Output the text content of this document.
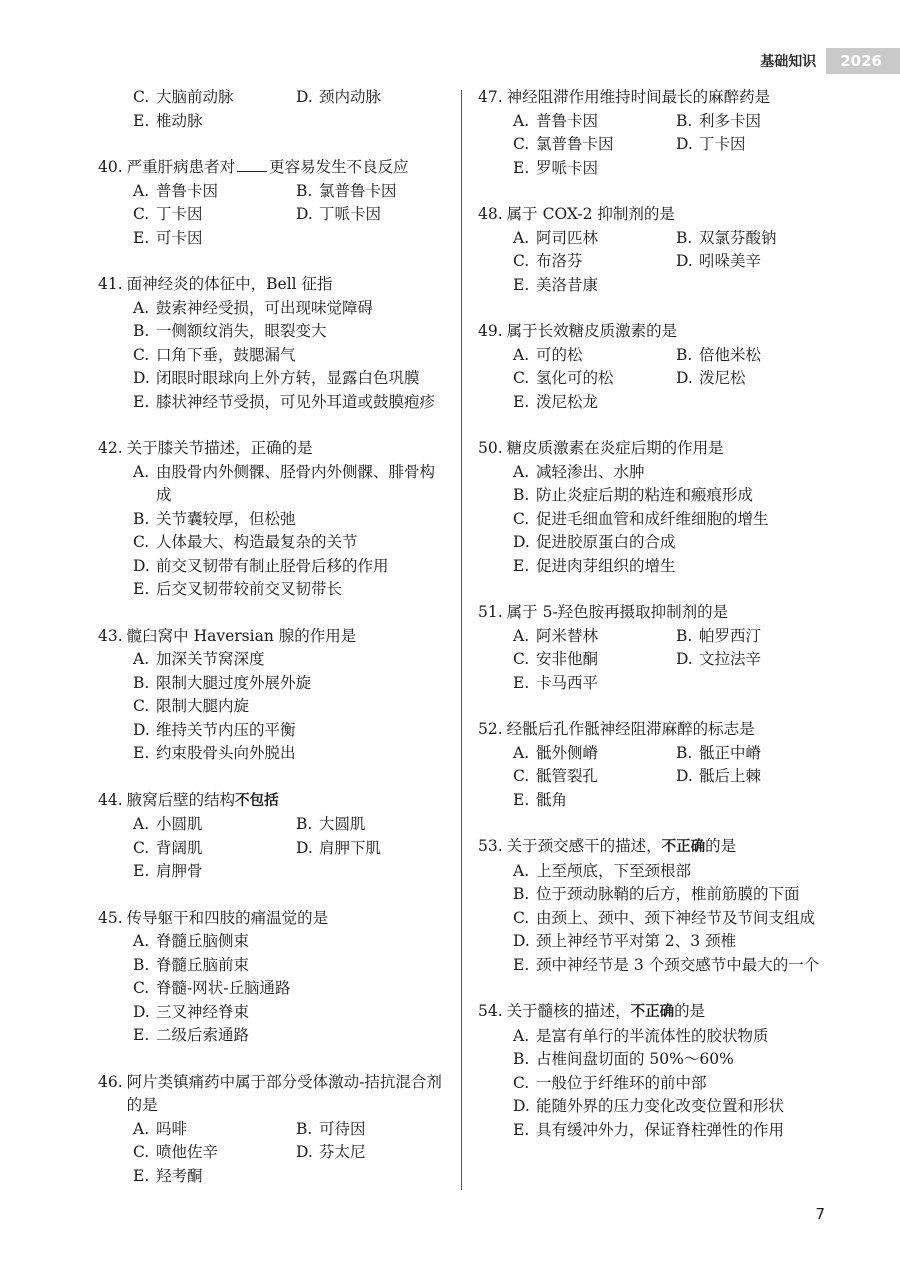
基础知识	2026
C. 大脑前动脉	D. 颈内动脉
E. 椎动脉
40. 严重肝病患者对 更容易发生不良反应
A. 普鲁卡因	B. 氯普鲁卡因
C. 丁卡因	D. 丁哌卡因
E. 可卡因
41. 面神经炎的体征中，Bell 征指
A. 鼓索神经受损，可出现味觉障碍
B. 一侧额纹消失，眼裂变大
C. 口角下垂，鼓腮漏气
D. 闭眼时眼球向上外方转，显露白色巩膜
E. 膝状神经节受损，可见外耳道或鼓膜疱疹
42. 关于膝关节描述，正确的是
A. 由股骨内外侧髁、胫骨内外侧髁、腓骨构成
B. 关节囊较厚，但松弛
C. 人体最大、构造最复杂的关节
D. 前交叉韧带有制止胫骨后移的作用
E. 后交叉韧带较前交叉韧带长
43. 髋臼窝中 Haversian 腺的作用是
A. 加深关节窝深度
B. 限制大腿过度外展外旋
C. 限制大腿内旋
D. 维持关节内压的平衡
E. 约束股骨头向外脱出
44. 腋窝后壁的结构不包括
A. 小圆肌	B. 大圆肌
C. 背阔肌	D. 肩胛下肌
E. 肩胛骨
45. 传导躯干和四肢的痛温觉的是
A. 脊髓丘脑侧束
B. 脊髓丘脑前束
C. 脊髓-网状-丘脑通路
D. 三叉神经脊束
E. 二级后索通路
46. 阿片类镇痛药中属于部分受体激动-拮抗混合剂的是
A. 吗啡	B. 可待因
C. 喷他佐辛	D. 芬太尼
E. 羟考酮
47. 神经阻滞作用维持时间最长的麻醉药是
A. 普鲁卡因	B. 利多卡因
C. 氯普鲁卡因	D. 丁卡因
E. 罗哌卡因
48. 属于 COX-2 抑制剂的是
A. 阿司匹林	B. 双氯芬酸钠
C. 布洛芬	D. 吲哚美辛
E. 美洛昔康
49. 属于长效糖皮质激素的是
A. 可的松	B. 倍他米松
C. 氢化可的松	D. 泼尼松
E. 泼尼松龙
50. 糖皮质激素在炎症后期的作用是
A. 减轻渗出、水肿
B. 防止炎症后期的粘连和瘢痕形成
C. 促进毛细血管和成纤维细胞的增生
D. 促进胶原蛋白的合成
E. 促进肉芽组织的增生
51. 属于 5-羟色胺再摄取抑制剂的是
A. 阿米替林	B. 帕罗西汀
C. 安非他酮	D. 文拉法辛
E. 卡马西平
52. 经骶后孔作骶神经阻滞麻醉的标志是
A. 骶外侧嵴	B. 骶正中嵴
C. 骶管裂孔	D. 骶后上棘
E. 骶角
53. 关于颈交感干的描述，不正确的是
A. 上至颅底，下至颈根部
B. 位于颈动脉鞘的后方，椎前筋膜的下面
C. 由颈上、颈中、颈下神经节及节间支组成
D. 颈上神经节平对第 2、3 颈椎
E. 颈中神经节是 3 个颈交感节中最大的一个
54. 关于髓核的描述，不正确的是
A. 是富有单行的半流体性的胶状物质
B. 占椎间盘切面的 50%～60%
C. 一般位于纤维环的前中部
D. 能随外界的压力变化改变位置和形状
E. 具有缓冲外力，保证脊柱弹性的作用
7
